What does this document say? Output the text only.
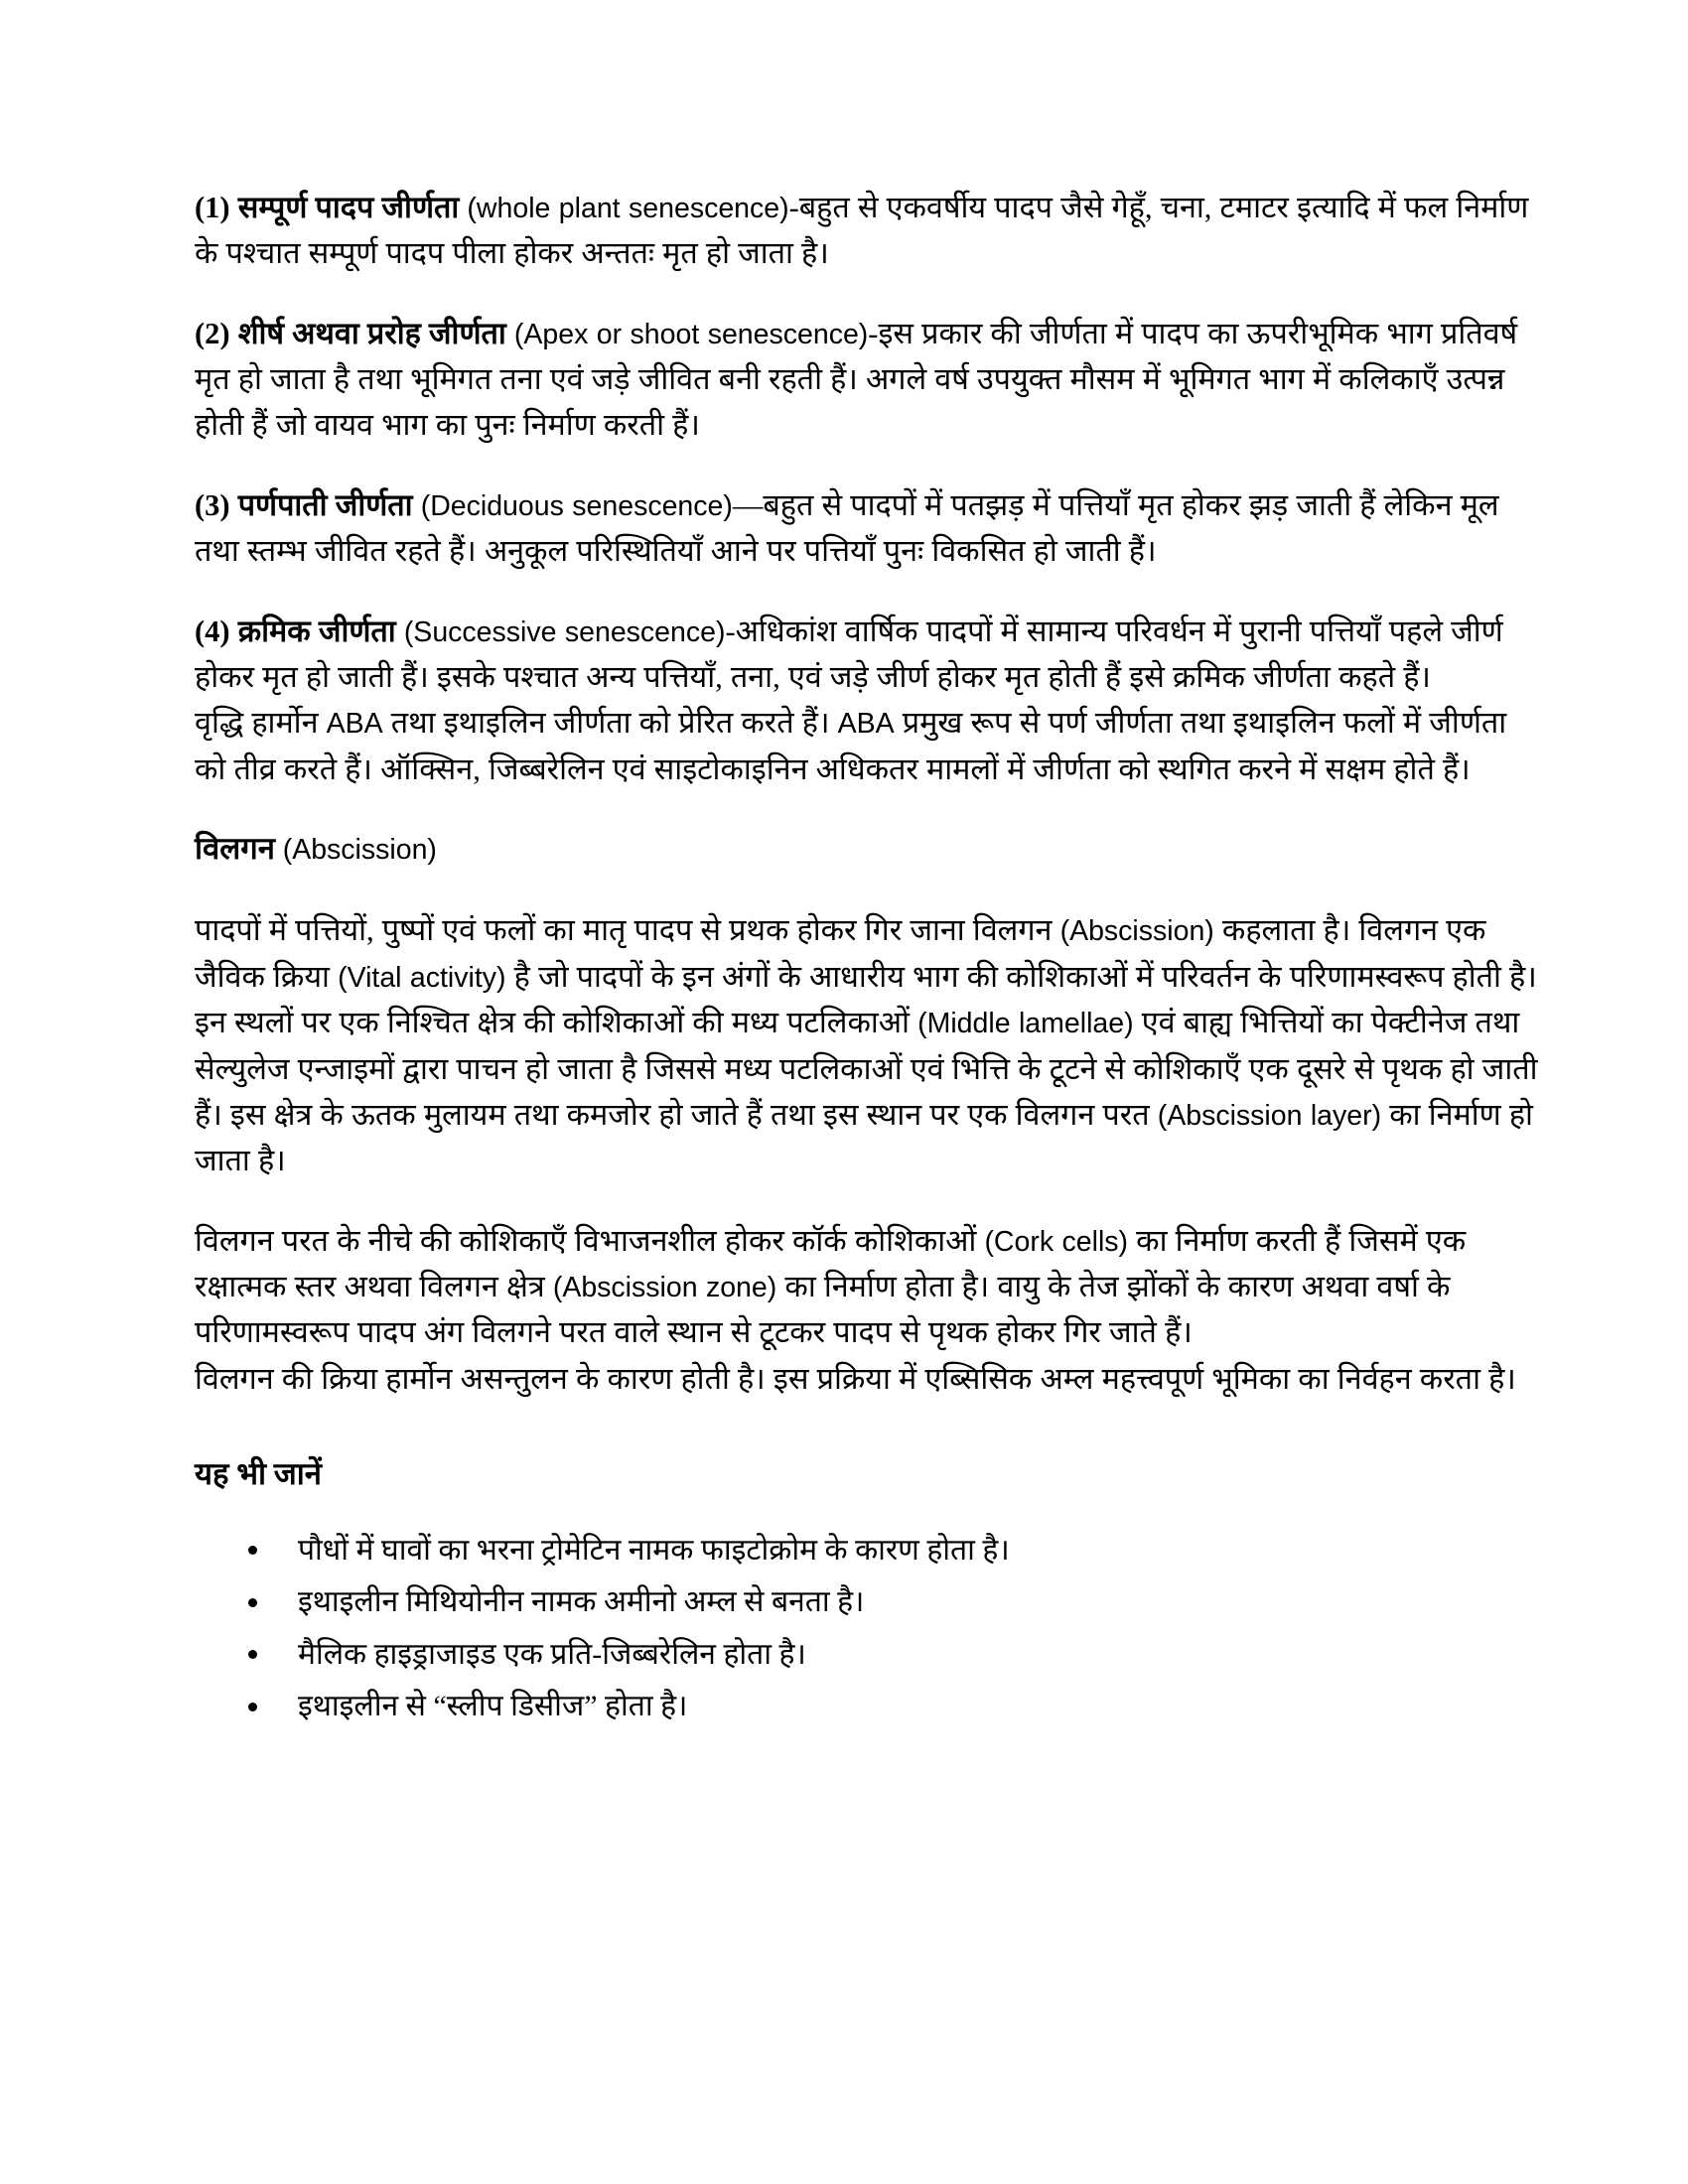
(1) सम्पूर्ण पादप जीर्णता (whole plant senescence)-बहुत से एकवर्षीय पादप जैसे गेहूँ, चना, टमाटर इत्यादि में फल निर्माण के पश्चात सम्पूर्ण पादप पीला होकर अन्ततः मृत हो जाता है।

(2) शीर्ष अथवा प्ररोह जीर्णता (Apex or shoot senescence)-इस प्रकार की जीर्णता में पादप का ऊपरीभूमिक भाग प्रतिवर्ष मृत हो जाता है तथा भूमिगत तना एवं जड़े जीवित बनी रहती हैं। अगले वर्ष उपयुक्त मौसम में भूमिगत भाग में कलिकाएँ उत्पन्न होती हैं जो वायव भाग का पुनः निर्माण करती हैं।

(3) पर्णपाती जीर्णता (Deciduous senescence)—बहुत से पादपों में पतझड़ में पत्तियाँ मृत होकर झड़ जाती हैं लेकिन मूल तथा स्तम्भ जीवित रहते हैं। अनुकूल परिस्थितियाँ आने पर पत्तियाँ पुनः विकसित हो जाती हैं।

(4) क्रमिक जीर्णता (Successive senescence)-अधिकांश वार्षिक पादपों में सामान्य परिवर्धन में पुरानी पत्तियाँ पहले जीर्ण होकर मृत हो जाती हैं। इसके पश्चात अन्य पत्तियाँ, तना, एवं जड़े जीर्ण होकर मृत होती हैं इसे क्रमिक जीर्णता कहते हैं।

वृद्धि हार्मोन ABA तथा इथाइलिन जीर्णता को प्रेरित करते हैं। ABA प्रमुख रूप से पर्ण जीर्णता तथा इथाइलिन फलों में जीर्णता को तीव्र करते हैं। ऑक्सिन, जिब्बरेलिन एवं साइटोकाइनिन अधिकतर मामलों में जीर्णता को स्थगित करने में सक्षम होते हैं।

विलगन (Abscission)

पादपों में पत्तियों, पुष्पों एवं फलों का मातृ पादप से प्रथक होकर गिर जाना विलगन (Abscission) कहलाता है। विलगन एक जैविक क्रिया (Vital activity) है जो पादपों के इन अंगों के आधारीय भाग की कोशिकाओं में परिवर्तन के परिणामस्वरूप होती है। इन स्थलों पर एक निश्चित क्षेत्र की कोशिकाओं की मध्य पटलिकाओं (Middle lamellae) एवं बाह्य भित्तियों का पेक्टीनेज तथा सेल्युलेज एन्जाइमों द्वारा पाचन हो जाता है जिससे मध्य पटलिकाओं एवं भित्ति के टूटने से कोशिकाएँ एक दूसरे से पृथक हो जाती हैं। इस क्षेत्र के ऊतक मुलायम तथा कमजोर हो जाते हैं तथा इस स्थान पर एक विलगन परत (Abscission layer) का निर्माण हो जाता है।

विलगन परत के नीचे की कोशिकाएँ विभाजनशील होकर कॉर्क कोशिकाओं (Cork cells) का निर्माण करती हैं जिसमें एक रक्षात्मक स्तर अथवा विलगन क्षेत्र (Abscission zone) का निर्माण होता है। वायु के तेज झोंकों के कारण अथवा वर्षा के परिणामस्वरूप पादप अंग विलगने परत वाले स्थान से टूटकर पादप से पृथक होकर गिर जाते हैं।

विलगन की क्रिया हार्मोन असन्तुलन के कारण होती है। इस प्रक्रिया में एब्सिसिक अम्ल महत्त्वपूर्ण भूमिका का निर्वहन करता है।

यह भी जानें

पौधों में घावों का भरना ट्रोमेटिन नामक फाइटोक्रोम के कारण होता है।
इथाइलीन मिथियोनीन नामक अमीनो अम्ल से बनता है।
मैलिक हाइड्राजाइड एक प्रति-जिब्बरेलिन होता है।
इथाइलीन से “स्लीप डिसीज” होता है।
